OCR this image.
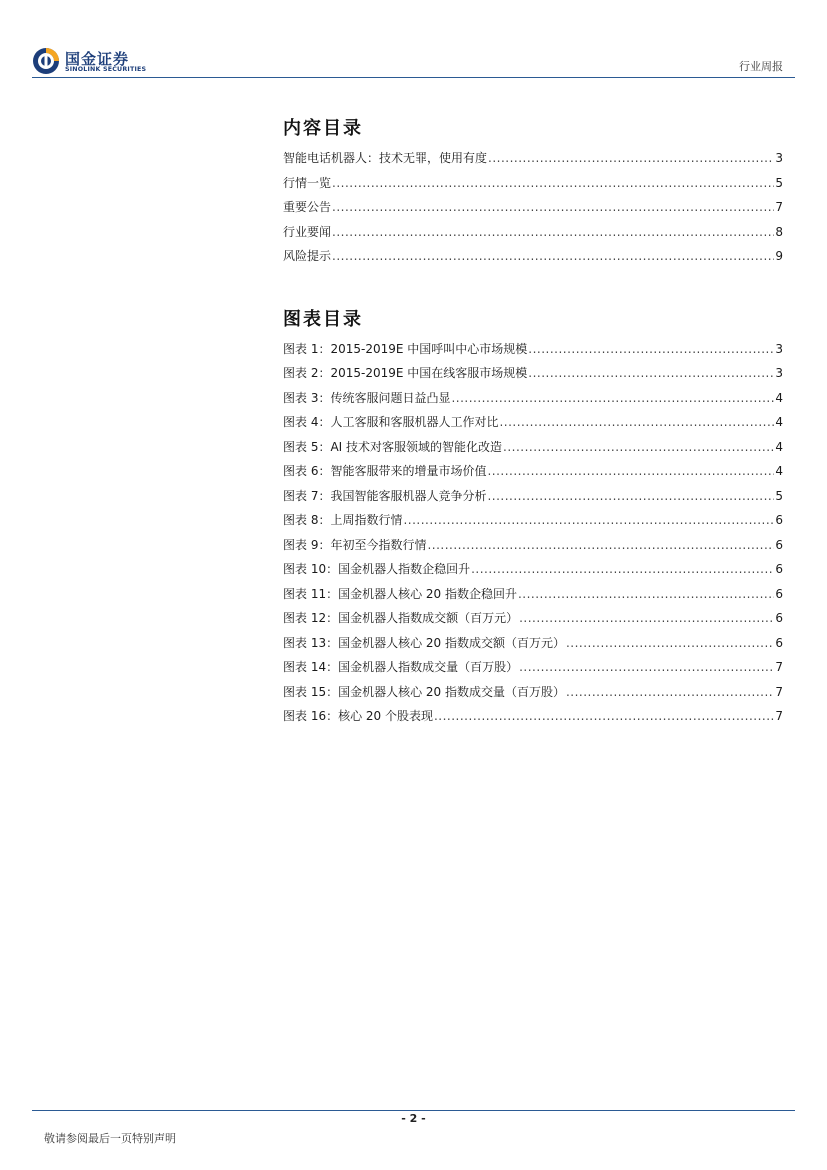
国金证券
SINOLINK SECURITIES	行业周报
内容目录
智能电话机器人：技术无罪，使用有度 .....	3
行情一览 .....	5
重要公告 .....	7
行业要闻 .....	8
风险提示 .....	9
图表目录
图表 1：2015-2019E 中国呼叫中心市场规模 .....	3
图表 2：2015-2019E 中国在线客服市场规模 .....	3
图表 3：传统客服问题日益凸显 .....	4
图表 4：人工客服和客服机器人工作对比 .....	4
图表 5：AI 技术对客服领域的智能化改造 .....	4
图表 6：智能客服带来的增量市场价值 .....	4
图表 7：我国智能客服机器人竞争分析 .....	5
图表 8：上周指数行情 .....	6
图表 9：年初至今指数行情 .....	6
图表 10：国金机器人指数企稳回升 .....	6
图表 11：国金机器人核心 20 指数企稳回升 .....	6
图表 12：国金机器人指数成交额（百万元） .....	6
图表 13：国金机器人核心 20 指数成交额（百万元） .....	6
图表 14：国金机器人指数成交量（百万股） .....	7
图表 15：国金机器人核心 20 指数成交量（百万股） .....	7
图表 16：核心 20 个股表现 .....	7
- 2 -
敬请参阅最后一页特别声明
